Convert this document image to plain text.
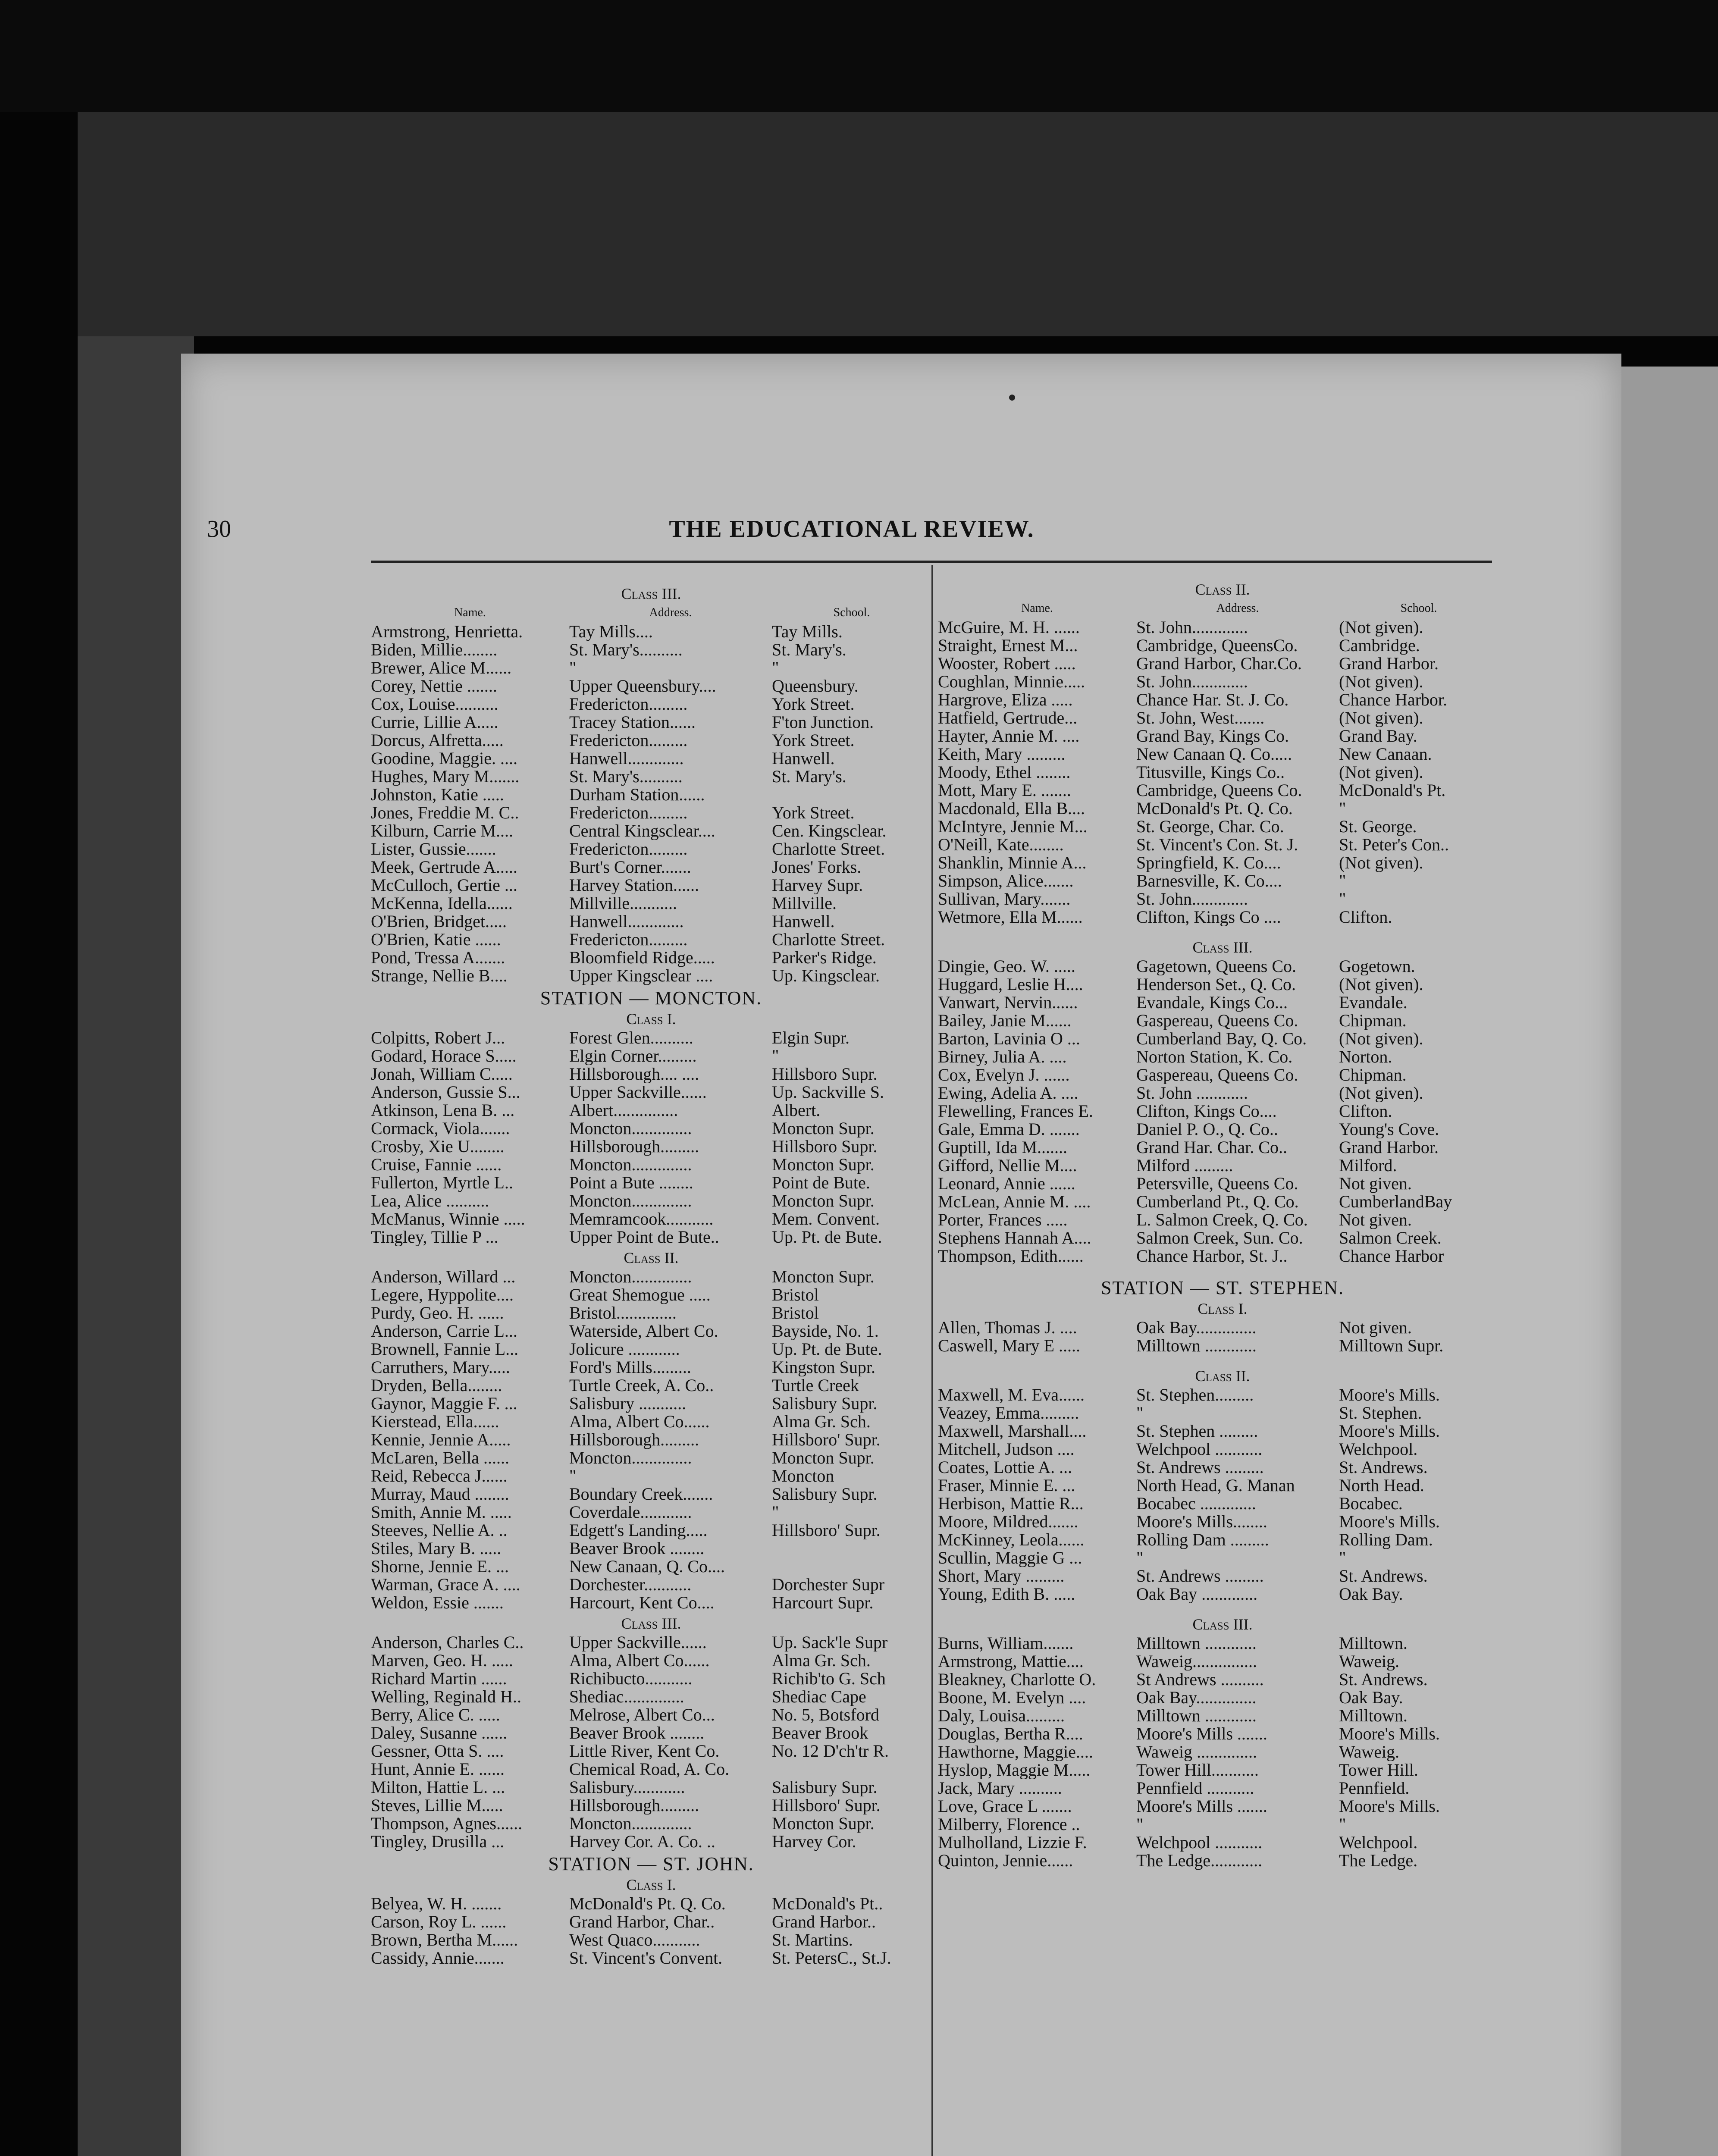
30	THE EDUCATIONAL REVIEW.
Class III.
Name.	Address.	School.
Armstrong, Henrietta.	Tay Mills....	Tay Mills.
Biden, Millie........	St. Mary's..........	St. Mary's.
Brewer, Alice M......	"	"
Corey, Nettie .......	Upper Queensbury....	Queensbury.
Cox, Louise..........	Fredericton.........	York Street.
Currie, Lillie A.....	Tracey Station......	F'ton Junction.
Dorcus, Alfretta.....	Fredericton.........	York Street.
Goodine, Maggie. ....	Hanwell.............	Hanwell.
Hughes, Mary M.......	St. Mary's..........	St. Mary's.
Johnston, Katie .....	Durham Station......
Jones, Freddie M. C..	Fredericton.........	York Street.
Kilburn, Carrie M....	Central Kingsclear....	Cen. Kingsclear.
Lister, Gussie.......	Fredericton.........	Charlotte Street.
Meek, Gertrude A.....	Burt's Corner.......	Jones' Forks.
McCulloch, Gertie ...	Harvey Station......	Harvey Supr.
McKenna, Idella......	Millville...........	Millville.
O'Brien, Bridget.....	Hanwell.............	Hanwell.
O'Brien, Katie ......	Fredericton.........	Charlotte Street.
Pond, Tressa A.......	Bloomfield Ridge.....	Parker's Ridge.
Strange, Nellie B....	Upper Kingsclear ....	Up. Kingsclear.
STATION — MONCTON.
Class I.
Colpitts, Robert J...	Forest Glen..........	Elgin Supr.
Godard, Horace S.....	Elgin Corner.........	"
Jonah, William C.....	Hillsborough.... ....	Hillsboro Supr.
Anderson, Gussie S...	Upper Sackville......	Up. Sackville S.
Atkinson, Lena B. ...	Albert...............	Albert.
Cormack, Viola.......	Moncton..............	Moncton Supr.
Crosby, Xie U........	Hillsborough.........	Hillsboro Supr.
Cruise, Fannie ......	Moncton..............	Moncton Supr.
Fullerton, Myrtle L..	Point a Bute ........	Point de Bute.
Lea, Alice ..........	Moncton..............	Moncton Supr.
McManus, Winnie .....	Memramcook...........	Mem. Convent.
Tingley, Tillie P ...	Upper Point de Bute..	Up. Pt. de Bute.
Class II.
Anderson, Willard ...	Moncton..............	Moncton Supr.
Legere, Hyppolite....	Great Shemogue .....	Bristol
Purdy, Geo. H. ......	Bristol..............	Bristol
Anderson, Carrie L...	Waterside, Albert Co.	Bayside, No. 1.
Brownell, Fannie L...	Jolicure ............	Up. Pt. de Bute.
Carruthers, Mary.....	Ford's Mills.........	Kingston Supr.
Dryden, Bella........	Turtle Creek, A. Co..	Turtle Creek
Gaynor, Maggie F. ...	Salisbury ...........	Salisbury Supr.
Kierstead, Ella......	Alma, Albert Co......	Alma Gr. Sch.
Kennie, Jennie A.....	Hillsborough.........	Hillsboro' Supr.
McLaren, Bella ......	Moncton..............	Moncton Supr.
Reid, Rebecca J......	"	Moncton
Murray, Maud ........	Boundary Creek.......	Salisbury Supr.
Smith, Annie M. .....	Coverdale............	"
Steeves, Nellie A. ..	Edgett's Landing.....	Hillsboro' Supr.
Stiles, Mary B. .....	Beaver Brook ........
Shorne, Jennie E. ...	New Canaan, Q. Co....
Warman, Grace A. ....	Dorchester...........	Dorchester Supr
Weldon, Essie .......	Harcourt, Kent Co....	Harcourt Supr.
Class III.
Anderson, Charles C..	Upper Sackville......	Up. Sack'le Supr
Marven, Geo. H. .....	Alma, Albert Co......	Alma Gr. Sch.
Richard Martin ......	Richibucto...........	Richib'to G. Sch
Welling, Reginald H..	Shediac..............	Shediac Cape
Berry, Alice C. .....	Melrose, Albert Co...	No. 5, Botsford
Daley, Susanne ......	Beaver Brook ........	Beaver Brook
Gessner, Otta S. ....	Little River, Kent Co.	No. 12 D'ch'tr R.
Hunt, Annie E. ......	Chemical Road, A. Co.
Milton, Hattie L. ...	Salisbury............	Salisbury Supr.
Steves, Lillie M.....	Hillsborough.........	Hillsboro' Supr.
Thompson, Agnes......	Moncton..............	Moncton Supr.
Tingley, Drusilla ...	Harvey Cor. A. Co. ..	Harvey Cor.
STATION — ST. JOHN.
Class I.
Belyea, W. H. .......	McDonald's Pt. Q. Co.	McDonald's Pt..
Carson, Roy L. ......	Grand Harbor, Char..	Grand Harbor..
Brown, Bertha M......	West Quaco...........	St. Martins.
Cassidy, Annie.......	St. Vincent's Convent.	St. PetersC., St.J.
Class II.
Name.	Address.	School.
McGuire, M. H. ......	St. John.............	(Not given).
Straight, Ernest M...	Cambridge, QueensCo.	Cambridge.
Wooster, Robert .....	Grand Harbor, Char.Co.	Grand Harbor.
Coughlan, Minnie.....	St. John.............	(Not given).
Hargrove, Eliza .....	Chance Har. St. J. Co.	Chance Harbor.
Hatfield, Gertrude...	St. John, West.......	(Not given).
Hayter, Annie M. ....	Grand Bay, Kings Co.	Grand Bay.
Keith, Mary .........	New Canaan Q. Co.....	New Canaan.
Moody, Ethel ........	Titusville, Kings Co..	(Not given).
Mott, Mary E. .......	Cambridge, Queens Co.	McDonald's Pt.
Macdonald, Ella B....	McDonald's Pt. Q. Co.	"
McIntyre, Jennie M...	St. George, Char. Co.	St. George.
O'Neill, Kate........	St. Vincent's Con. St. J.	St. Peter's Con..
Shanklin, Minnie A...	Springfield, K. Co....	(Not given).
Simpson, Alice.......	Barnesville, K. Co....	"
Sullivan, Mary.......	St. John.............	"
Wetmore, Ella M......	Clifton, Kings Co ....	Clifton.
Class III.
Dingie, Geo. W. .....	Gagetown, Queens Co.	Gogetown.
Huggard, Leslie H....	Henderson Set., Q. Co.	(Not given).
Vanwart, Nervin......	Evandale, Kings Co...	Evandale.
Bailey, Janie M......	Gaspereau, Queens Co.	Chipman.
Barton, Lavinia O ...	Cumberland Bay, Q. Co.	(Not given).
Birney, Julia A. ....	Norton Station, K. Co.	Norton.
Cox, Evelyn J. ......	Gaspereau, Queens Co.	Chipman.
Ewing, Adelia A. ....	St. John ............	(Not given).
Flewelling, Frances E.	Clifton, Kings Co....	Clifton.
Gale, Emma D. .......	Daniel P. O., Q. Co..	Young's Cove.
Guptill, Ida M.......	Grand Har. Char. Co..	Grand Harbor.
Gifford, Nellie M....	Milford .........	Milford.
Leonard, Annie ......	Petersville, Queens Co.	Not given.
McLean, Annie M. ....	Cumberland Pt., Q. Co.	CumberlandBay
Porter, Frances .....	L. Salmon Creek, Q. Co.	Not given.
Stephens Hannah A....	Salmon Creek, Sun. Co.	Salmon Creek.
Thompson, Edith......	Chance Harbor, St. J..	Chance Harbor
STATION — ST. STEPHEN.
Class I.
Allen, Thomas J. ....	Oak Bay..............	Not given.
Caswell, Mary E .....	Milltown ............	Milltown Supr.
Class II.
Maxwell, M. Eva......	St. Stephen.........	Moore's Mills.
Veazey, Emma.........	"	St. Stephen.
Maxwell, Marshall....	St. Stephen .........	Moore's Mills.
Mitchell, Judson ....	Welchpool ...........	Welchpool.
Coates, Lottie A. ...	St. Andrews .........	St. Andrews.
Fraser, Minnie E. ...	North Head, G. Manan	North Head.
Herbison, Mattie R...	Bocabec .............	Bocabec.
Moore, Mildred.......	Moore's Mills........	Moore's Mills.
McKinney, Leola......	Rolling Dam .........	Rolling Dam.
Scullin, Maggie G ...	"	"
Short, Mary .........	St. Andrews .........	St. Andrews.
Young, Edith B. .....	Oak Bay .............	Oak Bay.
Class III.
Burns, William.......	Milltown ............	Milltown.
Armstrong, Mattie....	Waweig...............	Waweig.
Bleakney, Charlotte O.	St Andrews ..........	St. Andrews.
Boone, M. Evelyn ....	Oak Bay..............	Oak Bay.
Daly, Louisa.........	Milltown ............	Milltown.
Douglas, Bertha R....	Moore's Mills .......	Moore's Mills.
Hawthorne, Maggie....	Waweig ..............	Waweig.
Hyslop, Maggie M.....	Tower Hill...........	Tower Hill.
Jack, Mary ..........	Pennfield ...........	Pennfield.
Love, Grace L .......	Moore's Mills .......	Moore's Mills.
Milberry, Florence ..	"	"
Mulholland, Lizzie F.	Welchpool ...........	Welchpool.
Quinton, Jennie......	The Ledge............	The Ledge.
